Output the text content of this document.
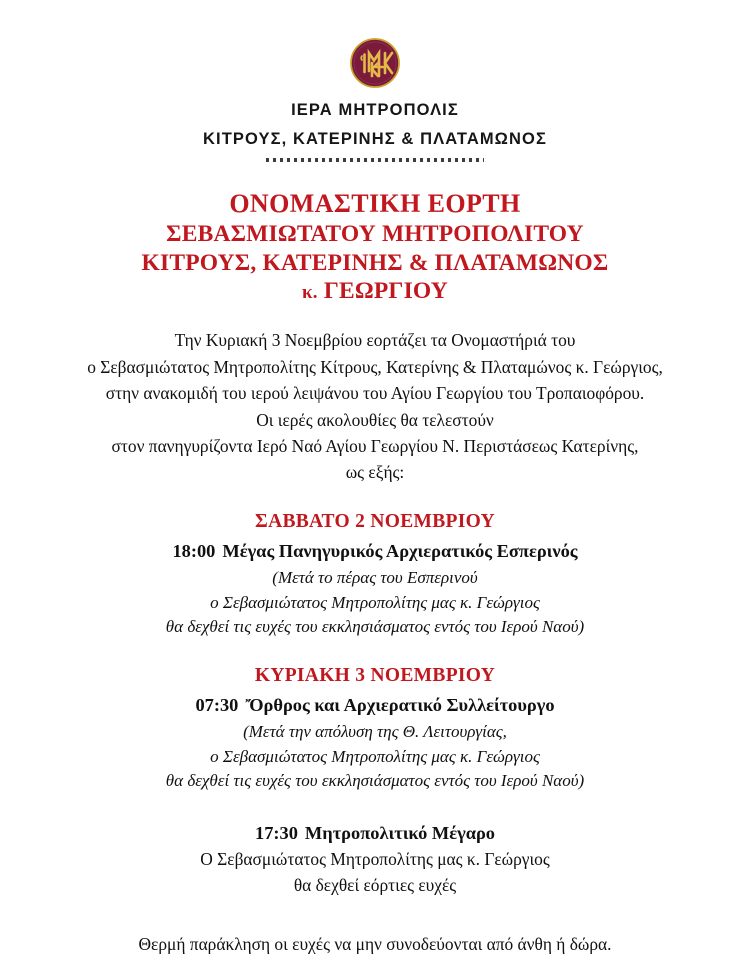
ΙΕΡΑ ΜΗΤΡΟΠΟΛΙΣ
ΚΙΤΡΟΥΣ, ΚΑΤΕΡΙΝΗΣ & ΠΛΑΤΑΜΩΝΟΣ
ΟΝΟΜΑΣΤΙΚΗ ΕΟΡΤΗ
ΣΕΒΑΣΜΙΩΤΑΤΟΥ ΜΗΤΡΟΠΟΛΙΤΟΥ
ΚΙΤΡΟΥΣ, ΚΑΤΕΡΙΝΗΣ & ΠΛΑΤΑΜΩΝΟΣ
κ. ΓΕΩΡΓΙΟΥ
Την Κυριακή 3 Νοεμβρίου εορτάζει τα Ονομαστήριά του
ο Σεβασμιώτατος Μητροπολίτης Κίτρους, Κατερίνης & Πλαταμώνος κ. Γεώργιος,
στην ανακομιδή του ιερού λειψάνου του Αγίου Γεωργίου του Τροπαιοφόρου.
Οι ιερές ακολουθίες θα τελεστούν
στον πανηγυρίζοντα Ιερό Ναό Αγίου Γεωργίου Ν. Περιστάσεως Κατερίνης,
ως εξής:
ΣΑΒΒΑΤΟ 2 ΝΟΕΜΒΡΙΟΥ
18:00 Μέγας Πανηγυρικός Αρχιερατικός Εσπερινός
(Μετά το πέρας του Εσπερινού
ο Σεβασμιώτατος Μητροπολίτης μας κ. Γεώργιος
θα δεχθεί τις ευχές του εκκλησιάσματος εντός του Ιερού Ναού)
ΚΥΡΙΑΚΗ 3 ΝΟΕΜΒΡΙΟΥ
07:30 Ὄρθρος και Αρχιερατικό Συλλείτουργο
(Μετά την απόλυση της Θ. Λειτουργίας,
ο Σεβασμιώτατος Μητροπολίτης μας κ. Γεώργιος
θα δεχθεί τις ευχές του εκκλησιάσματος εντός του Ιερού Ναού)
17:30 Μητροπολιτικό Μέγαρο
Ο Σεβασμιώτατος Μητροπολίτης μας κ. Γεώργιος
θα δεχθεί εόρτιες ευχές
Θερμή παράκληση οι ευχές να μην συνοδεύονται από άνθη ή δώρα.
